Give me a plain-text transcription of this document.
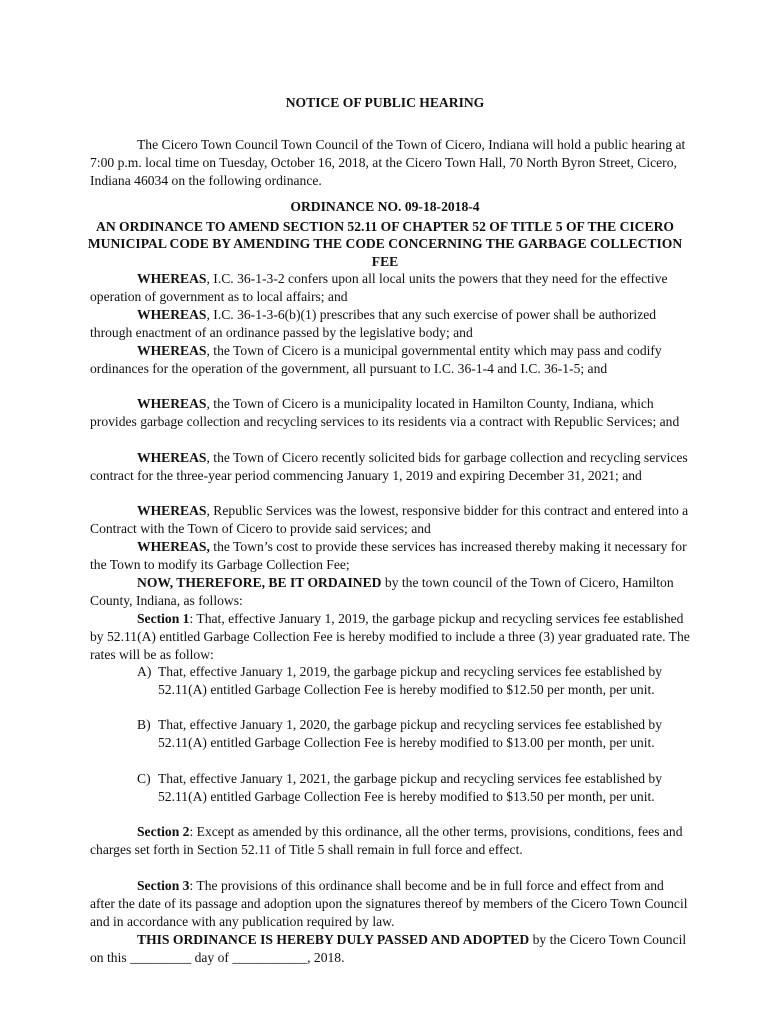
NOTICE OF PUBLIC HEARING

The Cicero Town Council Town Council of the Town of Cicero, Indiana will hold a public hearing at 7:00 p.m. local time on Tuesday, October 16, 2018, at the Cicero Town Hall, 70 North Byron Street, Cicero, Indiana 46034 on the following ordinance.

ORDINANCE NO. 09-18-2018-4

AN ORDINANCE TO AMEND SECTION 52.11 OF CHAPTER 52 OF TITLE 5 OF THE CICERO MUNICIPAL CODE BY AMENDING THE CODE CONCERNING THE GARBAGE COLLECTION FEE

WHEREAS, I.C. 36-1-3-2 confers upon all local units the powers that they need for the effective operation of government as to local affairs; and

WHEREAS, I.C. 36-1-3-6(b)(1) prescribes that any such exercise of power shall be authorized through enactment of an ordinance passed by the legislative body; and

WHEREAS, the Town of Cicero is a municipal governmental entity which may pass and codify ordinances for the operation of the government, all pursuant to I.C. 36-1-4 and I.C. 36-1-5; and

WHEREAS, the Town of Cicero is a municipality located in Hamilton County, Indiana, which provides garbage collection and recycling services to its residents via a contract with Republic Services; and

WHEREAS, the Town of Cicero recently solicited bids for garbage collection and recycling services contract for the three-year period commencing January 1, 2019 and expiring December 31, 2021; and

WHEREAS, Republic Services was the lowest, responsive bidder for this contract and entered into a Contract with the Town of Cicero to provide said services; and

WHEREAS, the Town’s cost to provide these services has increased thereby making it necessary for the Town to modify its Garbage Collection Fee;

NOW, THEREFORE, BE IT ORDAINED by the town council of the Town of Cicero, Hamilton County, Indiana, as follows:

Section 1: That, effective January 1, 2019, the garbage pickup and recycling services fee established by 52.11(A) entitled Garbage Collection Fee is hereby modified to include a three (3) year graduated rate. The rates will be as follow:

A) That, effective January 1, 2019, the garbage pickup and recycling services fee established by 52.11(A) entitled Garbage Collection Fee is hereby modified to $12.50 per month, per unit.
B) That, effective January 1, 2020, the garbage pickup and recycling services fee established by 52.11(A) entitled Garbage Collection Fee is hereby modified to $13.00 per month, per unit.
C) That, effective January 1, 2021, the garbage pickup and recycling services fee established by 52.11(A) entitled Garbage Collection Fee is hereby modified to $13.50 per month, per unit.

Section 2: Except as amended by this ordinance, all the other terms, provisions, conditions, fees and charges set forth in Section 52.11 of Title 5 shall remain in full force and effect.

Section 3: The provisions of this ordinance shall become and be in full force and effect from and after the date of its passage and adoption upon the signatures thereof by members of the Cicero Town Council and in accordance with any publication required by law.

THIS ORDINANCE IS HEREBY DULY PASSED AND ADOPTED by the Cicero Town Council on this _________ day of ___________, 2018.
